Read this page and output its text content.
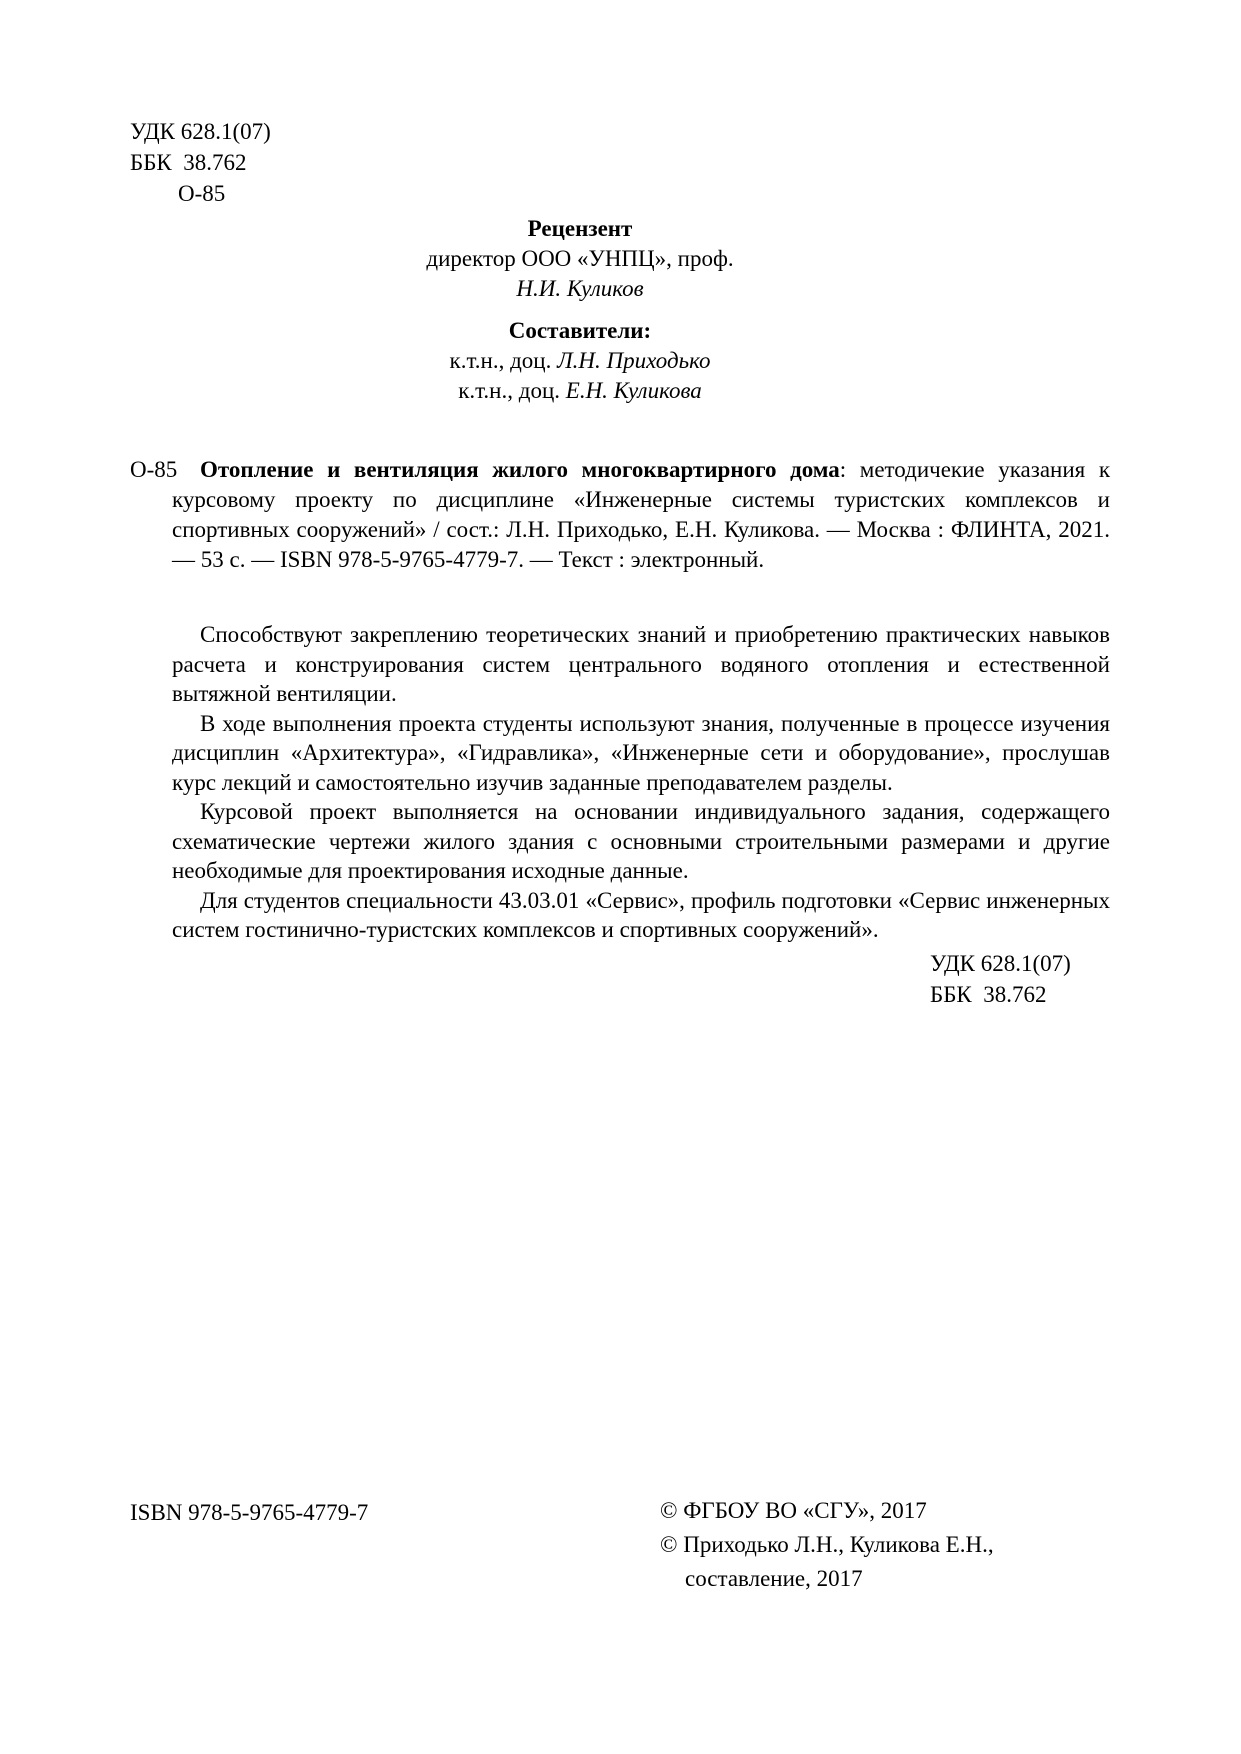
УДК 628.1(07)
ББК  38.762
О-85
Рецензент
директор ООО «УНПЦ», проф.
Н.И. Куликов
Составители:
к.т.н., доц. Л.Н. Приходько
к.т.н., доц. Е.Н. Куликова
О-85 Отопление и вентиляция жилого многоквартирного дома: методичекие указания к курсовому проекту по дисциплине «Инженерные системы туристских комплексов и спортивных сооружений» / сост.: Л.Н. Приходько, Е.Н. Куликова. — Москва : ФЛИНТА, 2021. — 53 с. — ISBN 978-5-9765-4779-7. — Текст : электронный.

Способствуют закреплению теоретических знаний и приобретению практических навыков расчета и конструирования систем центрального водяного отопления и естественной вытяжной вентиляции.

В ходе выполнения проекта студенты используют знания, полученные в процессе изучения дисциплин «Архитектура», «Гидравлика», «Инженерные сети и оборудование», прослушав курс лекций и самостоятельно изучив заданные преподавателем разделы.

Курсовой проект выполняется на основании индивидуального задания, содержащего схематические чертежи жилого здания с основными строительными размерами и другие необходимые для проектирования исходные данные.

Для студентов специальности 43.03.01 «Сервис», профиль подготовки «Сервис инженерных систем гостинично-туристских комплексов и спортивных сооружений».

УДК 628.1(07)
ББК  38.762
ISBN 978-5-9765-4779-7	© ФГБОУ ВО «СГУ», 2017
© Приходько Л.Н., Куликова Е.Н.,
составление, 2017
